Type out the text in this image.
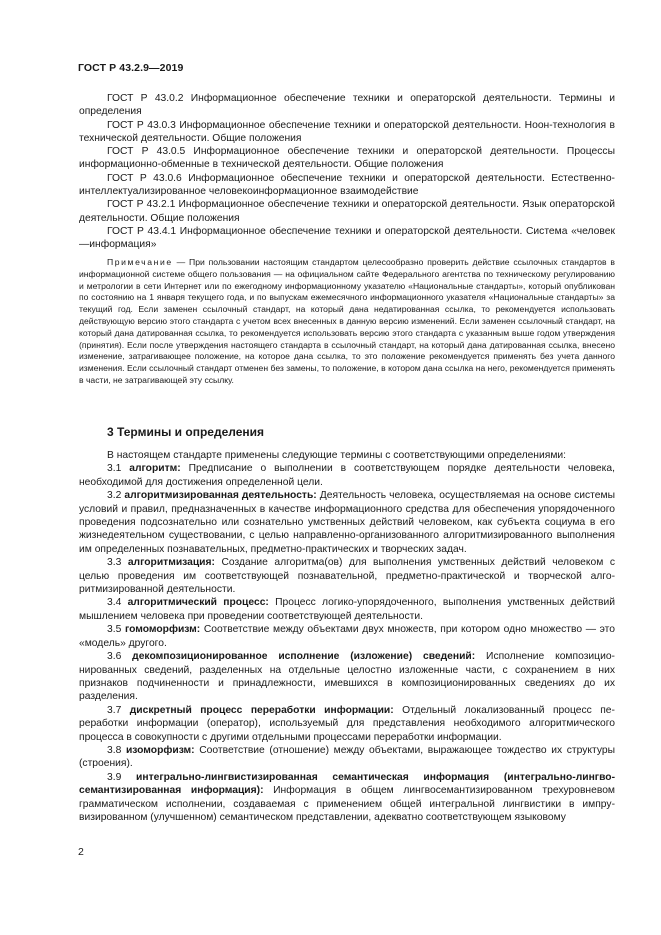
ГОСТ Р 43.2.9—2019

ГОСТ Р 43.0.2 Информационное обеспечение техники и операторской деятельности. Термины и определения

ГОСТ Р 43.0.3 Информационное обеспечение техники и операторской деятельности. Ноон-технология в технической деятельности. Общие положения

ГОСТ Р 43.0.5 Информационное обеспечение техники и операторской деятельности. Процессы информационно-обменные в технической деятельности. Общие положения

ГОСТ Р 43.0.6 Информационное обеспечение техники и операторской деятельности. Естественно-интеллектуализированное человекоинформационное взаимодействие

ГОСТ Р 43.2.1 Информационное обеспечение техники и операторской деятельности. Язык операторской деятельности. Общие положения

ГОСТ Р 43.4.1 Информационное обеспечение техники и операторской деятельности. Система «человек—информация»

Примечание — При пользовании настоящим стандартом целесообразно проверить действие ссылочных стандартов в информационной системе общего пользования — на официальном сайте Федерального агентства по техническому регулированию и метрологии в сети Интернет или по ежегодному информационному указателю «Национальные стандарты», который опубликован по состоянию на 1 января текущего года, и по выпускам ежемесячного информационного указателя «Национальные стандарты» за текущий год. Если заменен ссылочный стандарт, на который дана недатированная ссылка, то рекомендуется использовать действующую версию этого стандарта с учетом всех внесенных в данную версию изменений. Если заменен ссылочный стандарт, на который дана датированная ссылка, то рекомендуется использовать версию этого стандарта с указанным выше годом утверждения (принятия). Если после утверждения настоящего стандарта в ссылочный стандарт, на который дана датированная ссылка, внесено изменение, затрагивающее положение, на которое дана ссылка, то это положение рекомендуется применять без учета данного изменения. Если ссылочный стандарт отменен без замены, то положение, в котором дана ссылка на него, рекомендуется применять в части, не затрагивающей эту ссылку.

3 Термины и определения

В настоящем стандарте применены следующие термины с соответствующими определениями:

3.1 алгоритм: Предписание о выполнении в соответствующем порядке деятельности человека, необходимой для достижения определенной цели.

3.2 алгоритмизированная деятельность: Деятельность человека, осуществляемая на основе системы условий и правил, предназначенных в качестве информационного средства для обеспечения упорядоченного проведения подсознательно или сознательно умственных действий человеком, как субъекта социума в его жизнедеятельном существовании, с целью направленно-организованного алгоритмизированного выполнения им определенных познавательных, предметно-практических и творческих задач.

3.3 алгоритмизация: Создание алгоритма(ов) для выполнения умственных действий человеком с целью проведения им соответствующей познавательной, предметно-практической и творческой алгоритмизированной деятельности.

3.4 алгоритмический процесс: Процесс логико-упорядоченного, выполнения умственных действий мышлением человека при проведении соответствующей деятельности.

3.5 гомоморфизм: Соответствие между объектами двух множеств, при котором одно множество — это «модель» другого.

3.6 декомпозиционированное исполнение (изложение) сведений: Исполнение композиционированных сведений, разделенных на отдельные целостно изложенные части, с сохранением в них признаков подчиненности и принадлежности, имевшихся в композиционированных сведениях до их разделения.

3.7 дискретный процесс переработки информации: Отдельный локализованный процесс переработки информации (оператор), используемый для представления необходимого алгоритмического процесса в совокупности с другими отдельными процессами переработки информации.

3.8 изоморфизм: Соответствие (отношение) между объектами, выражающее тождество их структуры (строения).

3.9 интегрально-лингвистизированная семантическая информация (интегрально-лингвосемантизированная информация): Информация в общем лингвосемантизированном трехуровневом грамматическом исполнении, создаваемая с применением общей интегральной лингвистики в импрувизированном (улучшенном) семантическом представлении, адекватно соответствующем языковому

2
